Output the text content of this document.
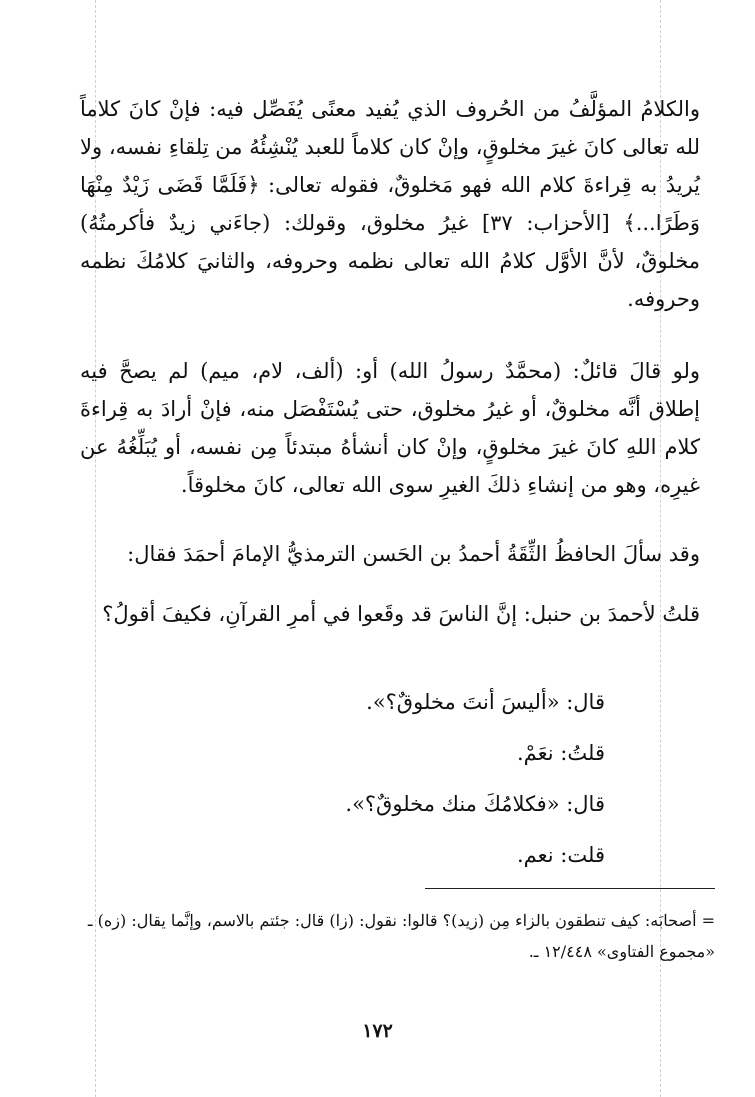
والكلامُ المؤلَّفُ من الحُروف الذي يُفيد معنًى يُفَصِّل فيه: فإنْ كانَ كلاماً لله تعالى كانَ غيرَ مخلوقٍ، وإنْ كان كلاماً للعبد يُنْشِئُهُ من تِلقاءِ نفسه، ولا يُريدُ به قِراءةَ كلام الله فهو مَخلوقٌ، فقوله تعالى: ﴿فَلَمَّا قَضَى زَيْدٌ مِنْهَا وَطَرًا...﴾ [الأحزاب: ٣٧] غيرُ مخلوق، وقولك: (جاءَني زيدٌ فأكرمتُهُ) مخلوقٌ، لأنَّ الأوَّل كلامُ الله تعالى نظمه وحروفه، والثانيَ كلامُكَ نظمه وحروفه.

ولو قالَ قائلٌ: (محمَّدٌ رسولُ الله) أو: (ألف، لام، ميم) لم يصحَّ فيه إطلاق أنَّه مخلوقٌ، أو غيرُ مخلوق، حتى يُسْتَفْصَل منه، فإنْ أرادَ به قِراءةَ كلام اللهِ كانَ غيرَ مخلوقٍ، وإنْ كان أنشأهُ مبتدئاً مِن نفسه، أو يُبَلِّغُهُ عن غيرِه، وهو من إنشاءِ ذلكَ الغيرِ سوى الله تعالى، كانَ مخلوقاً.

وقد سألَ الحافظُ الثِّقَةُ أحمدُ بن الحَسن الترمذيُّ الإمامَ أحمَدَ فقال:

قلتُ لأحمدَ بن حنبل: إنَّ الناسَ قد وقَعوا في أمرِ القرآنِ، فكيفَ أقولُ؟

قال: «أليسَ أنتَ مخلوقٌ؟».

قلتُ: نعَمْ.

قال: «فكلامُكَ منك مخلوقٌ؟».

قلت: نعم.

= أصحابَه: كيف تنطقون بالزاء مِن (زيد)؟ قالوا: نقول: (زا) قال: جئتم بالاسم، وإنَّما يقال: (زه) ـ «مجموع الفتاوى» ١٢/٤٤٨ ـ.

١٧٢
